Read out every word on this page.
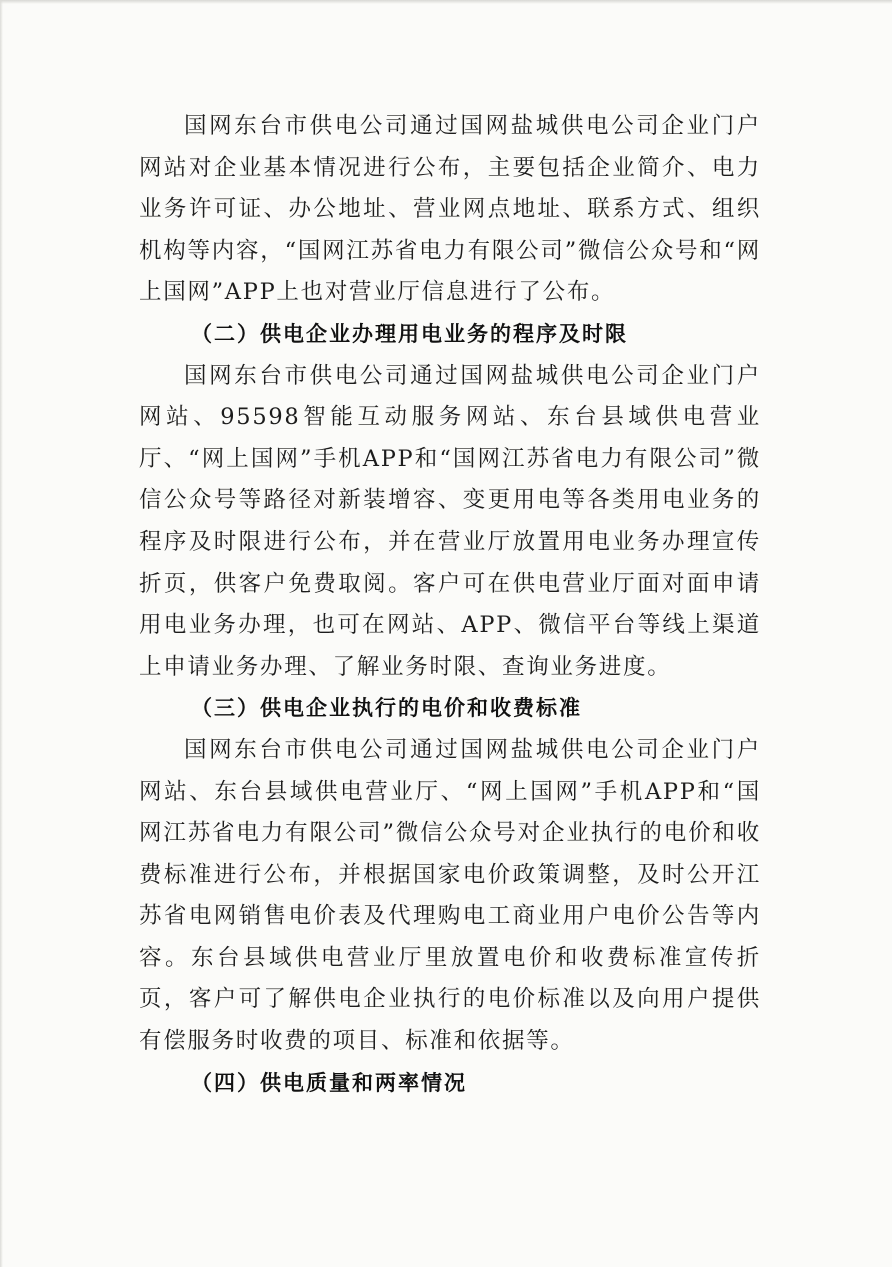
国网东台市供电公司通过国网盐城供电公司企业门户网站对企业基本情况进行公布，主要包括企业简介、电力业务许可证、办公地址、营业网点地址、联系方式、组织机构等内容，“国网江苏省电力有限公司”微信公众号和“网上国网”APP上也对营业厅信息进行了公布。

（二）供电企业办理用电业务的程序及时限

国网东台市供电公司通过国网盐城供电公司企业门户网站、95598智能互动服务网站、东台县域供电营业厅、“网上国网”手机APP和“国网江苏省电力有限公司”微信公众号等路径对新装增容、变更用电等各类用电业务的程序及时限进行公布，并在营业厅放置用电业务办理宣传折页，供客户免费取阅。客户可在供电营业厅面对面申请用电业务办理，也可在网站、APP、微信平台等线上渠道上申请业务办理、了解业务时限、查询业务进度。

（三）供电企业执行的电价和收费标准

国网东台市供电公司通过国网盐城供电公司企业门户网站、东台县域供电营业厅、“网上国网”手机APP和“国网江苏省电力有限公司”微信公众号对企业执行的电价和收费标准进行公布，并根据国家电价政策调整，及时公开江苏省电网销售电价表及代理购电工商业用户电价公告等内容。东台县域供电营业厅里放置电价和收费标准宣传折页，客户可了解供电企业执行的电价标准以及向用户提供有偿服务时收费的项目、标准和依据等。

（四）供电质量和两率情况
